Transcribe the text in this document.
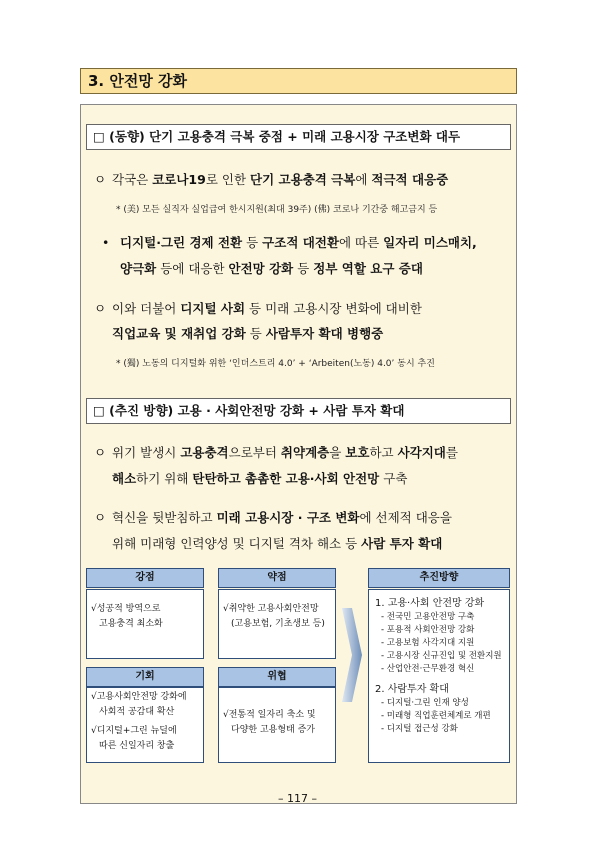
3. 안전망 강화
□ (동향) 단기 고용충격 극복 중점 + 미래 고용시장 구조변화 대두
ㅇ 각국은 코로나19로 인한 단기 고용충격 극복에 적극적 대응중
* (美) 모든 실직자 실업급여 한시지원(최대 39주) (佛) 코로나 기간중 해고금지 등
• 디지털·그린 경제 전환 등 구조적 대전환에 따른 일자리 미스매치,
양극화 등에 대응한 안전망 강화 등 정부 역할 요구 증대
ㅇ 이와 더불어 디지털 사회 등 미래 고용시장 변화에 대비한
직업교육 및 재취업 강화 등 사람투자 확대 병행중
* (獨) 노동의 디지털화 위한 ‘인더스트리 4.0’ + ‘Arbeiten(노동) 4.0’ 동시 추진
□ (추진 방향) 고용 · 사회안전망 강화 + 사람 투자 확대
ㅇ 위기 발생시 고용충격으로부터 취약계층을 보호하고 사각지대를
해소하기 위해 탄탄하고 촘촘한 고용·사회 안전망 구축
ㅇ 혁신을 뒷받침하고 미래 고용시장 · 구조 변화에 선제적 대응을
위해 미래형 인력양성 및 디지털 격차 해소 등 사람 투자 확대
강점
√성공적 방역으로
고용충격 최소화
약점
√취약한 고용사회안전망
(고용보험, 기초생보 등)
기회
√고용사회안전망 강화에
사회적 공감대 확산
√디지털+그린 뉴딜에
따른 신일자리 창출
위협
√전통적 일자리 축소 및
다양한 고용형태 증가
추진방향
1. 고용·사회 안전망 강화
- 전국민 고용안전망 구축
- 포용적 사회안전망 강화
- 고용보험 사각지대 지원
- 고용시장 신규진입 및 전환지원
- 산업안전·근무환경 혁신
2. 사람투자 확대
- 디지털·그린 인재 양성
- 미래형 직업훈련체계로 개편
- 디지털 접근성 강화
– 117 –
